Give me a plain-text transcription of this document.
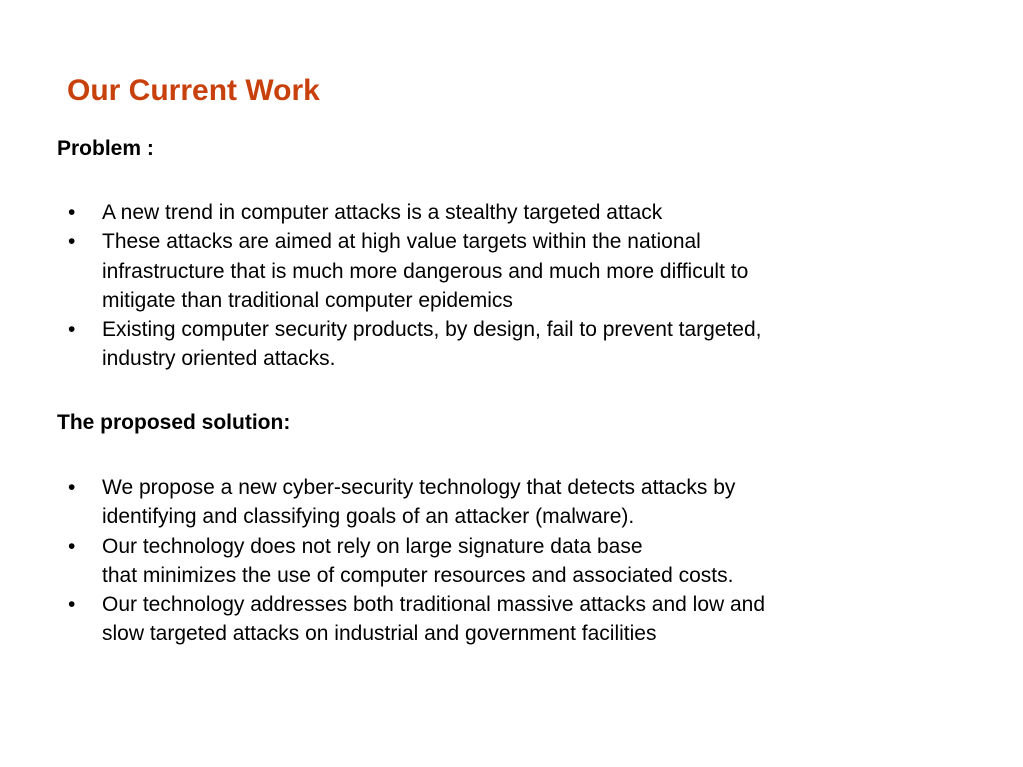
Our Current Work
Problem :
• A new trend in computer attacks is a stealthy targeted attack
• These attacks are aimed at high value targets within the national
infrastructure that is much more dangerous and much more difficult to
mitigate than traditional computer epidemics
• Existing computer security products, by design, fail to prevent targeted,
industry oriented attacks.
The proposed solution:
• We propose a new cyber-security technology that detects attacks by
identifying and classifying goals of an attacker (malware).
• Our technology does not rely on large signature data base
that minimizes the use of computer resources and associated costs.
• Our technology addresses both traditional massive attacks and low and
slow targeted attacks on industrial and government facilities
